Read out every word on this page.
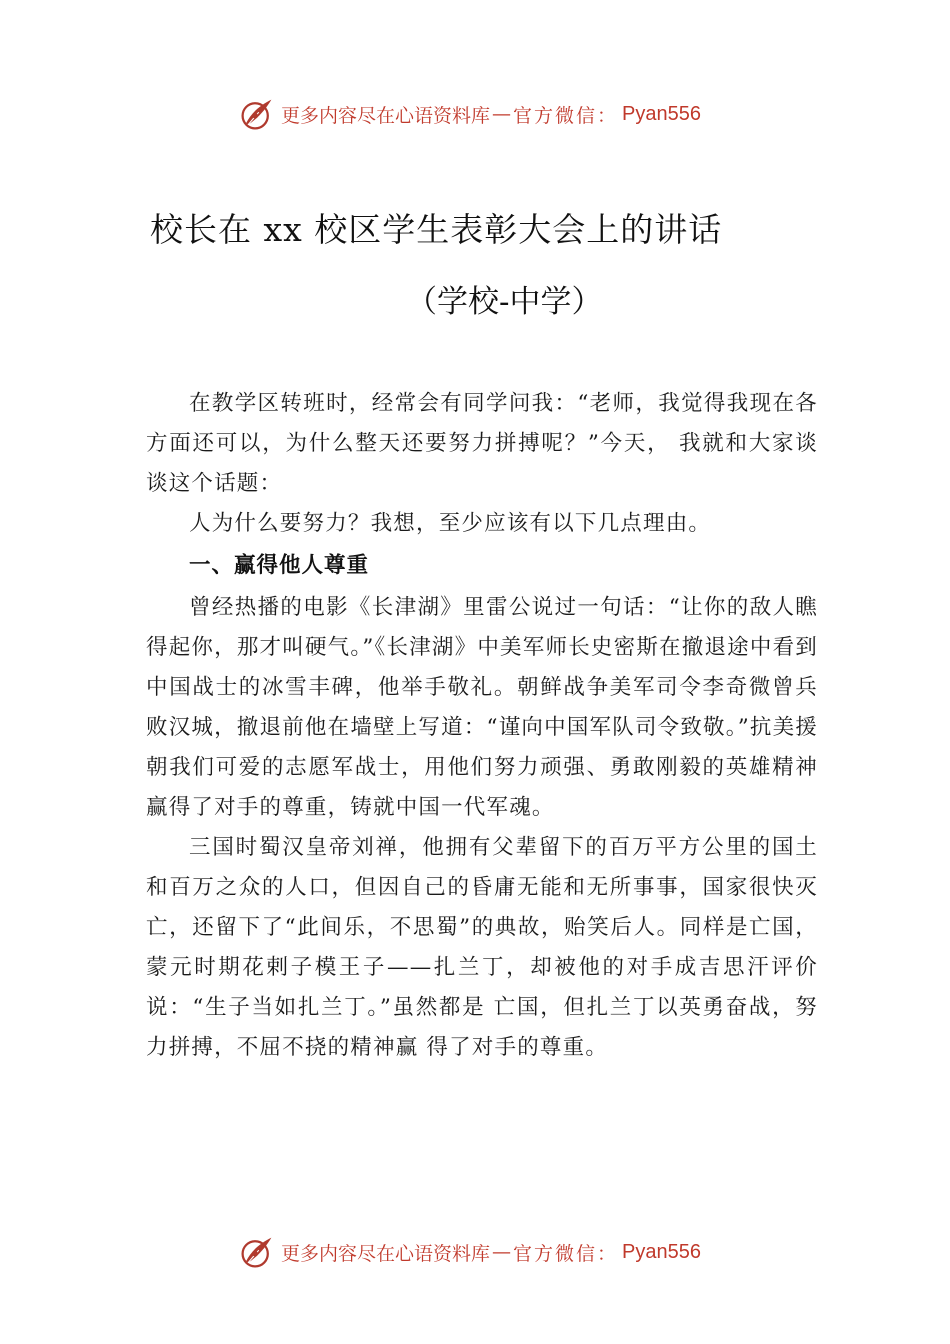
更多内容尽在心语资料库 — 官方微信： Pyan556
校长在 xx 校区学生表彰大会上的讲话
（学校-中学）

在教学区转班时，经常会有同学问我：“老师，我觉得我现在各方面还可以，为什么整天还要努力拼搏呢？”今天， 我就和大家谈谈这个话题：

人为什么要努力？我想，至少应该有以下几点理由。

一、赢得他人尊重

曾经热播的电影《长津湖》里雷公说过一句话：“让你的敌人瞧得起你，那才叫硬气。”《长津湖》中美军师长史密斯在撤退途中看到中国战士的冰雪丰碑，他举手敬礼。朝鲜战争美军司令李奇微曾兵败汉城，撤退前他在墙壁上写道：“谨向中国军队司令致敬。”抗美援朝我们可爱的志愿军战士，用他们努力顽强、勇敢刚毅的英雄精神赢得了对手的尊重，铸就中国一代军魂。

三国时蜀汉皇帝刘禅，他拥有父辈留下的百万平方公里的国土和百万之众的人口，但因自己的昏庸无能和无所事事，国家很快灭亡，还留下了“此间乐，不思蜀”的典故，贻笑后人。同样是亡国，蒙元时期花剌子模王子——扎兰丁，却被他的对手成吉思汗评价说：“生子当如扎兰丁。”虽然都是 亡国，但扎兰丁以英勇奋战，努力拼搏，不屈不挠的精神赢 得了对手的尊重。

更多内容尽在心语资料库 — 官方微信： Pyan556
